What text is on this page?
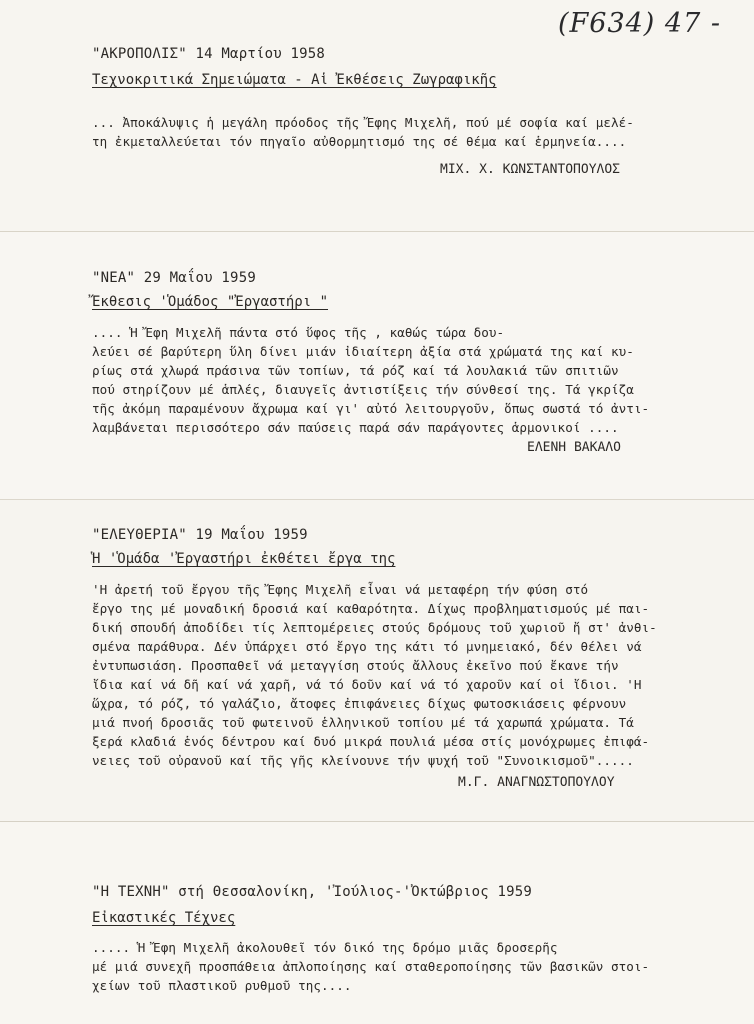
(F634) 47 -
"ΑΚΡΟΠΟΛΙΣ" 14 Μαρτίου 1958
Τεχνοκριτικά Σημειώματα - Αἱ Ἐκθέσεις Ζωγραφικῆς
... Ἀποκάλυψις ἡ μεγάλη πρόοδος τῆς Ἔφης Μιχελῆ, πού μέ σοφία καί μελέ-
τη ἐκμεταλλεύεται τόν πηγαῖο αὐθορμητισμό της σέ θέμα καί ἑρμηνεία....
ΜΙΧ. Χ. ΚΩΝΣΤΑΝΤΟΠΟΥΛΟΣ
"ΝΕΑ" 29 Μαΐου 1959
Ἔκθεσις 'Ὁμάδος "Ἐργαστήρι "
.... Ἡ Ἔφη Μιχελῆ πάντα στό ὕφος τῆς , καθώς τώρα δου-
λεύει σέ βαρύτερη ὕλη δίνει μιάν ἰδιαίτερη ἀξία στά χρώματά της καί κυ-
ρίως στά χλωρά πράσινα τῶν τοπίων, τά ρόζ καί τά λουλακιά τῶν σπιτιῶν
πού στηρίζουν μέ ἁπλές, διαυγεῖς ἀντιστίξεις τήν σύνθεσί της. Τά γκρίζα
τῆς ἀκόμη παραμένουν ἄχρωμα καί γι' αὐτό λειτουργοῦν, ὅπως σωστά τό ἀντι-
λαμβάνεται περισσότερο σάν παύσεις παρά σάν παράγοντες ἁρμονικοί ....
ΕΛΕΝΗ ΒΑΚΑΛΟ
"ΕΛΕΥΘΕΡΙΑ" 19 Μαΐου 1959
Ἡ 'Ὁμάδα 'Ἐργαστήρι ἐκθέτει ἔργα της
'Η ἀρετή τοῦ ἔργου τῆς Ἔφης Μιχελῆ εἶναι νά μεταφέρη τήν φύση στό
ἔργο της μέ μοναδική δροσιά καί καθαρότητα. Δίχως προβληματισμούς μέ παι-
δική σπουδή ἀποδίδει τίς λεπτομέρειες στούς δρόμους τοῦ χωριοῦ ἤ στ' ἀνθι-
σμένα παράθυρα. Δέν ὑπάρχει στό ἔργο της κάτι τό μνημειακό, δέν θέλει νά
ἐντυπωσιάση. Προσπαθεῖ νά μεταγγίση στούς ἄλλους ἐκεῖνο πού ἔκανε τήν
ἴδια καί νά δῆ καί νά χαρῆ, νά τό δοῦν καί νά τό χαροῦν καί οἱ ἴδιοι. 'Η
ὥχρα, τό ρόζ, τό γαλάζιο, ἄτοφες ἐπιφάνειες δίχως φωτοσκιάσεις φέρνουν
μιά πνοή δροσιᾶς τοῦ φωτεινοῦ ἑλληνικοῦ τοπίου μέ τά χαρωπά χρώματα. Τά
ξερά κλαδιά ἑνός δέντρου καί δυό μικρά πουλιά μέσα στίς μονόχρωμες ἐπιφά-
νειες τοῦ οὐρανοῦ καί τῆς γῆς κλείνουνε τήν ψυχή τοῦ "Συνοικισμοῦ".....
Μ.Γ. ΑΝΑΓΝΩΣΤΟΠΟΥΛΟΥ
"Η ΤΕΧΝΗ" στή Θεσσαλονίκη, 'Ἰούλιος-'Ὀκτώβριος 1959
Εἰκαστικές Τέχνες
..... Ἡ Ἔφη Μιχελῆ ἀκολουθεῖ τόν δικό της δρόμο μιᾶς δροσερῆς
μέ μιά συνεχῆ προσπάθεια ἀπλοποίησης καί σταθεροποίησης τῶν βασικῶν στοι-
χείων τοῦ πλαστικοῦ ρυθμοῦ της....
